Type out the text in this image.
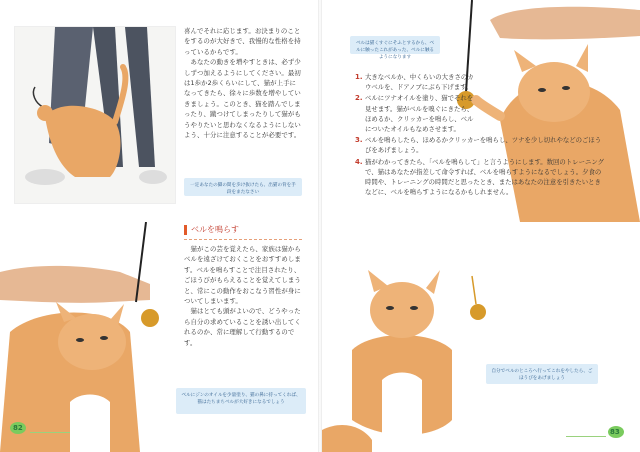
喜んでそれに応じます。お決まりのことをするのが大好きで、我慢的な性格を持っているからです。
　あなたの動きを増やすときは、必ず少しずつ加えるようにしてください。最初は1歩か2歩くらいにして、猫が上手になってきたら、徐々に歩数を増やしていきましょう。このとき、猫を踏んでしまったり、蹴つけてしまったりして猫がもうやりたいと思わなくなるようにしないよう、十分に注意することが必要です。
一定あなたの脚の間を歩け抜けたら、出猫の背を手段をまたなさい
ベルを鳴らす
　猫がこの芸を覚えたら、家族は猫からベルを遠ざけておくことをおすすめします。ベルを鳴らすことで注目されたり、ごほうびがもらえることを覚えてしまうと、常にこの動作をおこなう習性が身についてしまいます。
　猫はとても頭がよいので、どうやったら自分の求めていることを誘い出してくれるのか、常に理解して行動するのです。
ベルにジンのオイルを少量塗り、猫の鼻に持ってくれば、猫はたちまちベルが大好きになるでしょう
82
ベルは猫くすぐにそふとするから、ベルに触ったこれがあった、ベルに触るようになります
1. 大きなベルか、中くらいの大きさのカウベルを、ドアノブにぶら下げます。
2. ベルにツナオイルを塗り、猫でそれを見せます。猫がベルを嗅ぐにきたら、ほめるか、クリッカーを鳴らし、ベルについたオイルもなめさせます。
3. ベルを鳴らしたら、ほめるかクリッカーを鳴らし、ツナを少し切れやなどのごほうびをあげましょう。
4. 猫がわかってきたら、「ベルを鳴らして」と言うようにします。数回のトレーニングで、猫はあなたが指差して命令すれば、ベルを鳴らすようになるでしょう。夕食の時間や、トレーニングの時間だと思ったとき、またはあなたの注意を引きたいときなどに、ベルを鳴らすようになるかもしれません。
自分でベルのところへ行ってこれをやしたら、ごほうびをあげましょう
83
